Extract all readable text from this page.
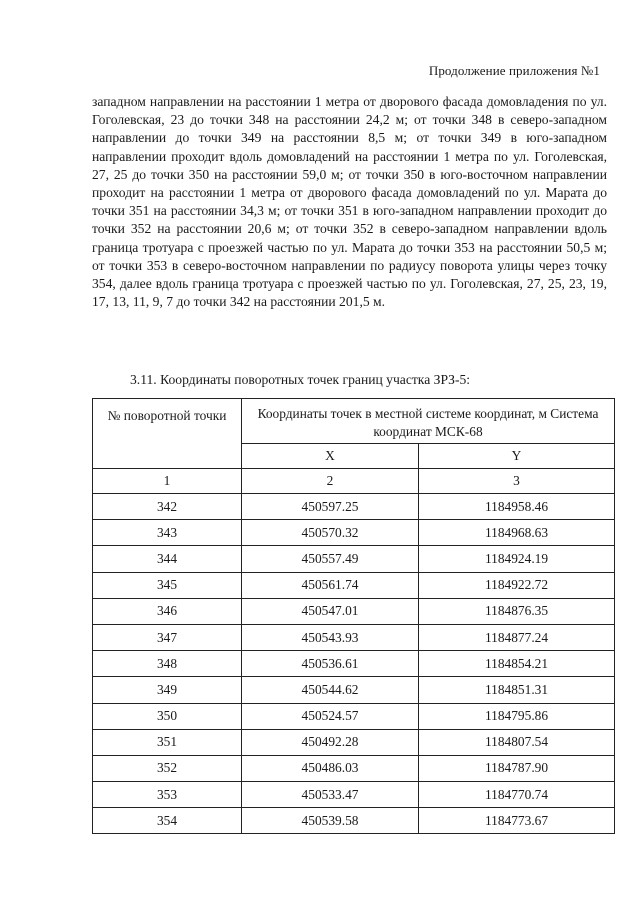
Продолжение приложения №1
западном направлении на расстоянии 1 метра от дворового фасада домовладения по ул. Гоголевская, 23 до точки 348 на расстоянии 24,2 м; от точки 348 в северо-западном направлении до точки 349 на расстоянии 8,5 м; от точки 349 в юго-западном направлении проходит вдоль домовладений на расстоянии 1 метра по ул. Гоголевская, 27, 25 до точки 350 на расстоянии 59,0 м; от точки 350 в юго-восточном направлении проходит на расстоянии 1 метра от дворового фасада домовладений по ул. Марата до точки 351 на расстоянии 34,3 м; от точки 351 в юго-западном направлении проходит до точки 352 на расстоянии 20,6 м; от точки 352 в северо-западном направлении вдоль граница тротуара с проезжей частью по ул. Марата до точки 353 на расстоянии 50,5 м; от точки 353 в северо-восточном направлении по радиусу поворота улицы через точку 354, далее вдоль граница тротуара с проезжей частью по ул. Гоголевская, 27, 25, 23, 19, 17, 13, 11, 9, 7 до точки 342 на расстоянии 201,5 м.
3.11. Координаты поворотных точек границ участка ЗРЗ-5:
№ поворотной точки	Координаты точек в местной системе координат, м Система координат МСК-68	
	X	Y
1	2	3
342	450597.25	1184958.46
343	450570.32	1184968.63
344	450557.49	1184924.19
345	450561.74	1184922.72
346	450547.01	1184876.35
347	450543.93	1184877.24
348	450536.61	1184854.21
349	450544.62	1184851.31
350	450524.57	1184795.86
351	450492.28	1184807.54
352	450486.03	1184787.90
353	450533.47	1184770.74
354	450539.58	1184773.67
